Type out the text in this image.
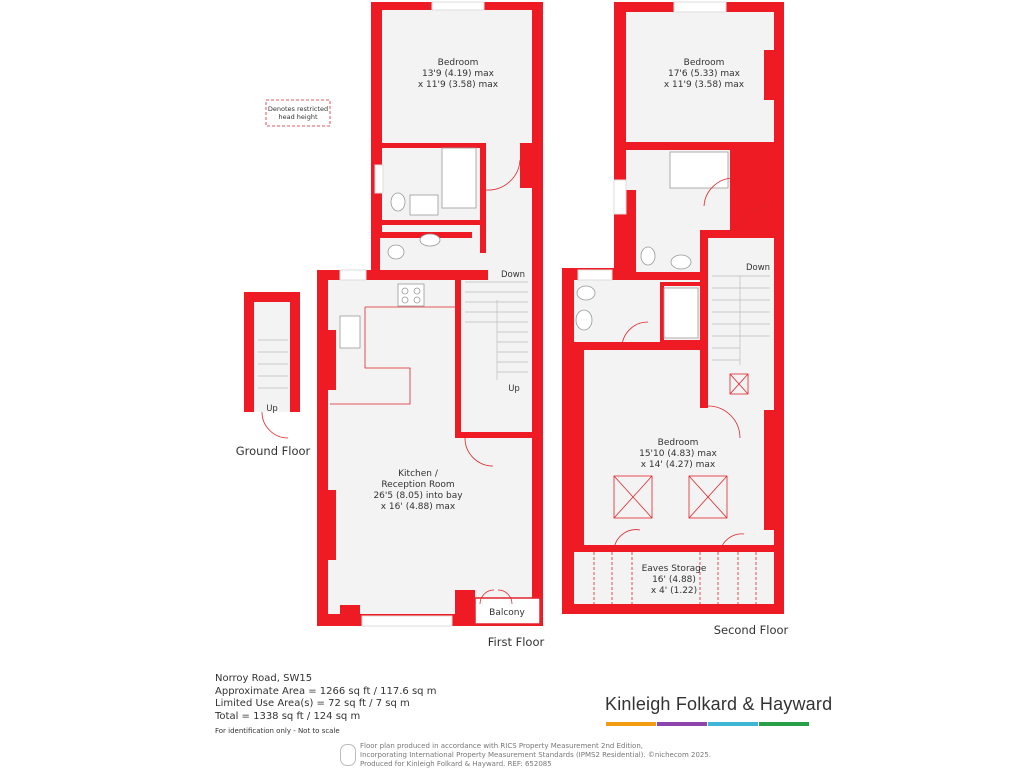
Denotes restricted
head height
Bedroom
13'9 (4.19) max
x 11'9 (3.58) max
Kitchen /
Reception Room
26'5 (8.05) into bay
x 16' (4.88) max
Balcony
Down
Up
Up
Down
Bedroom
17'6 (5.33) max
x 11'9 (3.58) max
Bedroom
15'10 (4.83) max
x 14' (4.27) max
Eaves Storage
16' (4.88)
x 4' (1.22)
Ground Floor
First Floor
Second Floor
Norroy Road, SW15
Approximate Area = 1266 sq ft / 117.6 sq m
Limited Use Area(s) = 72 sq ft / 7 sq m
Total = 1338 sq ft / 124 sq m
For identification only - Not to scale
Kinleigh Folkard & Hayward
Floor plan produced in accordance with RICS Property Measurement 2nd Edition,
Incorporating International Property Measurement Standards (IPMS2 Residential). ©nichecom 2025.
Produced for Kinleigh Folkard & Hayward. REF: 652085
